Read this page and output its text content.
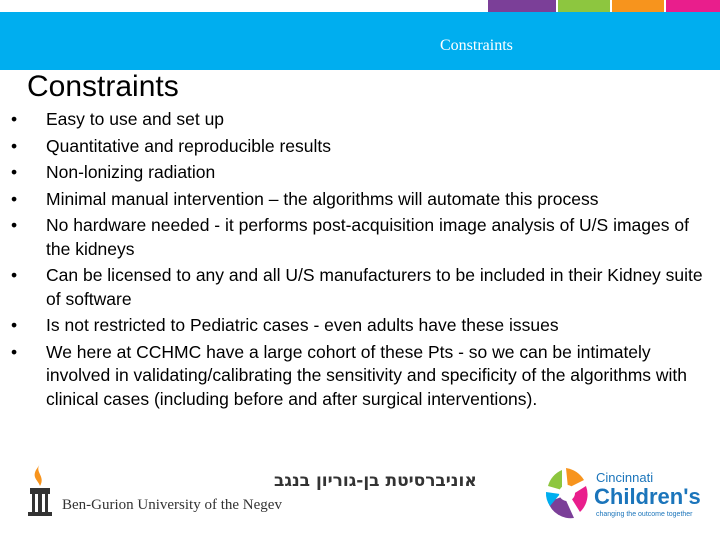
Constraints
Constraints
• Easy to use and set up
• Quantitative and reproducible results
• Non-lonizing radiation
• Minimal manual intervention – the algorithms will automate this process
• No hardware needed - it performs post-acquisition image analysis of U/S images of the kidneys
• Can be licensed to any and all U/S manufacturers to be included in their Kidney suite of software
• Is not restricted to Pediatric cases - even adults have these issues
• We here at CCHMC have a large cohort of these Pts - so we can be intimately involved in validating/calibrating the sensitivity and specificity of the algorithms with clinical cases (including before and after surgical interventions).
אוניברסיטת בן-גוריון בנגב
Ben-Gurion University of the Negev
Cincinnati
Children's
changing the outcome together
